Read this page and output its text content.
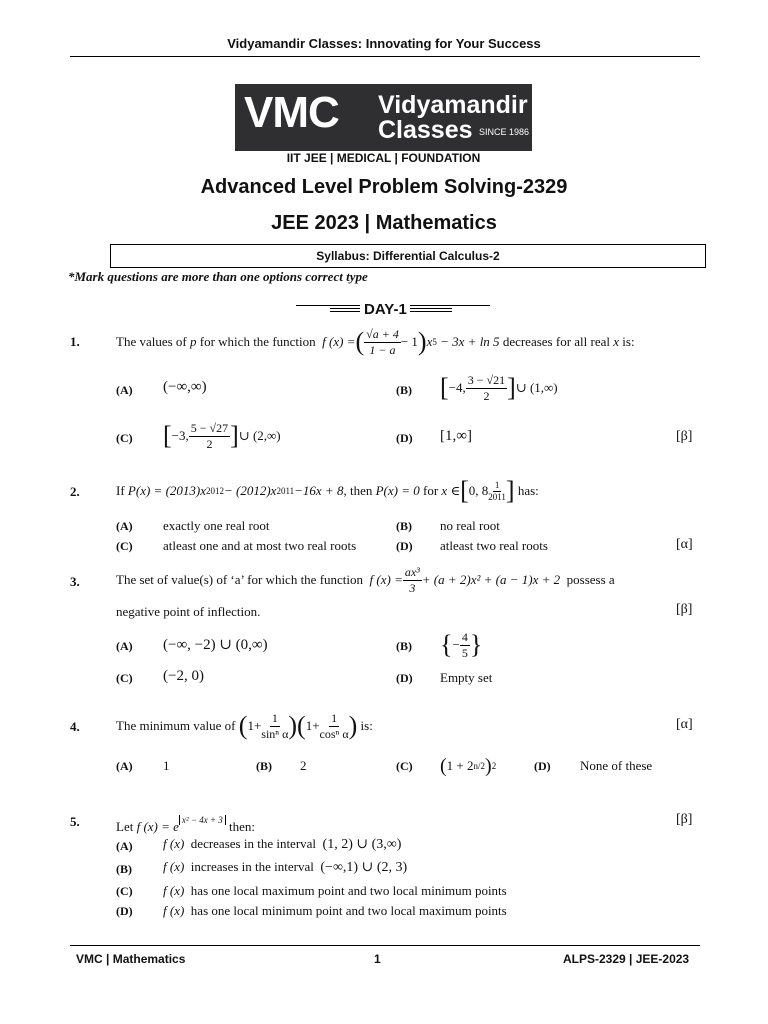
Vidyamandir Classes: Innovating for Your Success
VMC Vidyamandir
Classes SINCE 1986
IIT JEE | MEDICAL | FOUNDATION
Advanced Level Problem Solving-2329
JEE 2023 | Mathematics
Syllabus: Differential Calculus-2
*Mark questions are more than one options correct type
DAY-1
1.	The values of
p
for which the function
f (x) = ( $\frac{√a + 4}{1 - a} - 1$ ) x 5
− 3x + ln 5
decreases for all real
x
is:
(A) (−∞,∞)	(B) [ −4, $\frac{3 - √21}{2}$ ] ∪ (1,∞)
(C) [ −3, $\frac{5 - √27}{2}$ ] ∪ (2,∞)	(D) [1,∞]	[β]
2.	If
P(x) = (2013)x 2012 − (2012)x 2011 −16x + 8 , then
P(x) = 0
for
x ∈ [ 0, $8 \frac{1}{2011}$ ]
has:
(A) exactly one real root	(B) no real root
(C) atleast one and at most two real roots	(D) atleast two real roots	[α]
3.	The set of value(s) of ‘a’ for which the function
f $(x) = \frac{\text{ax³}}{3} + (a + 2)x^2 + (a - 1)x + 2$
possess a
negative point of inflection.	[β]
(A) (−∞, −2) ∪ (0,∞)	(B) { − $\frac{4}{5}$ }
(C) (−2, 0)	(D) Empty set
4.	The minimum value of
( $1+ \frac{1}{\text{sinⁿ α}}$ ) ( $1+ \frac{1}{\text{cosⁿ α}}$ )
is:	[α]
(A) 1	(B) 2	(C) ( 1 + 2 n/2 ) 2	(D) None of these
5.	Let
f (x) = e $^{x^2 - 4x + 3}$
then:	[β]
(A) f (x) decreases in the interval (1, 2) ∪ (3,∞)
(B) f (x) increases in the interval (−∞,1) ∪ (2, 3)
(C) f (x) has one local maximum point and two local minimum points
(D) f (x) has one local minimum point and two local maximum points
VMC | Mathematics	1	ALPS-2329 | JEE-2023
